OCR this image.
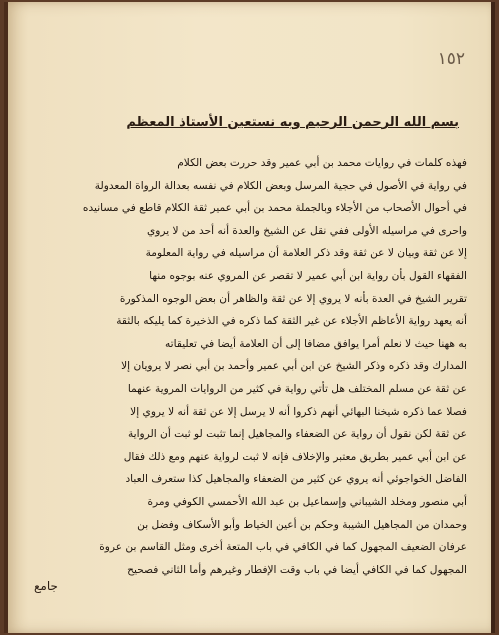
١٥٢
بسم الله الرحمن الرحيم وبه نستعين الأستاذ المعظم
فهذه كلمات في روايات محمد بن أبي عمير وقد حررت بعض الكلام
في رواية في الأصول في حجية المرسل وبعض الكلام في نفسه بعدالة الرواة المعدولة
في أحوال الأصحاب من الأجلاء وبالجملة محمد بن أبي عمير ثقة الكلام قاطع في مسانيده
واحرى في مراسيله الأولى ففي نقل عن الشيخ والعدة أنه أحد من لا يروي
إلا عن ثقة وبيان لا عن ثقة وقد ذكر العلامة أن مراسيله في رواية المعلومة
الفقهاء القول بأن رواية ابن أبي عمير لا تقصر عن المروي عنه بوجوه منها
تقرير الشيخ في العدة بأنه لا يروي إلا عن ثقة والظاهر أن بعض الوجوه المذكورة
أنه يعهد رواية الأعاظم الأجلاء عن غير الثقة كما ذكره في الذخيرة كما يليكه بالثقة
به ههنا حيث لا نعلم أمرا يوافق مضافا إلى أن العلامة أيضا في تعليقاته
المدارك وقد ذكره وذكر الشيخ عن ابن أبي عمير وأحمد بن أبي نصر لا يرويان إلا
عن ثقة عن مسلم المختلف هل تأتي رواية في كثير من الروايات المروية عنهما
فصلا عما ذكره شيخنا البهائي أنهم ذكروا أنه لا يرسل إلا عن ثقة أنه لا يروي إلا
عن ثقة لكن نقول أن رواية عن الضعفاء والمجاهيل إنما تثبت لو ثبت أن الرواية
عن ابن أبي عمير بطريق معتبر والإخلاف فإنه لا ثبت لرواية عنهم ومع ذلك فقال
الفاضل الخواجوئي أنه يروي عن كثير من الضعفاء والمجاهيل كذا ستعرف العباد
أبي منصور ومخلد الشيباني وإسماعيل بن عبد الله الأحمسي الكوفي ومرة
وحمدان من المجاهيل الشيبة وحكم بن أعين الخياط وأبو الأسكاف وفضل بن
عرفان الضعيف المجهول كما في الكافي في باب المتعة أخرى ومثل القاسم بن عروة
المجهول كما في الكافي أيضا في باب وقت الإفطار وغيرهم وأما الثاني فصحيح
جامع
